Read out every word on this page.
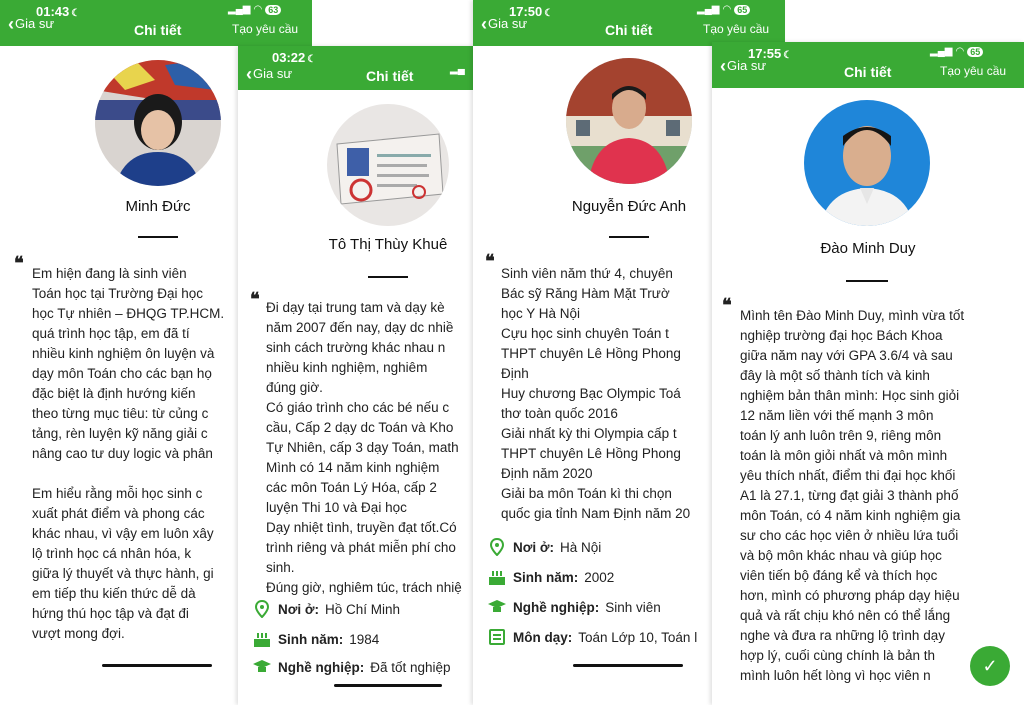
01:43 ☾
‹ Gia sư	Chi tiết
▂▄▆ ◠ 63
Tạo yêu cầu
Minh Đức
❝
Em hiện đang là sinh viên
Toán học tại Trường Đại học
học Tự nhiên – ĐHQG TP.HCM.
quá trình học tập, em đã tí
nhiều kinh nghiệm ôn luyện và
dạy môn Toán cho các bạn họ
đặc biệt là định hướng kiến
theo từng mục tiêu: từ củng c
tảng, rèn luyện kỹ năng giải c
nâng cao tư duy logic và phân

Em hiểu rằng mỗi học sinh c
xuất phát điểm và phong các
khác nhau, vì vậy em luôn xây
lộ trình học cá nhân hóa, k
giữa lý thuyết và thực hành, gi
em tiếp thu kiến thức dễ dà
hứng thú học tập và đạt đi
vượt mong đợi.
03:22 ☾
‹ Gia sư	Chi tiết	▂▄
Tô Thị Thùy Khuê
❝ Đi dạy tại trung tam và dạy kè
năm 2007 đến nay, dạy dc nhiề
sinh cách trường khác nhau n
nhiều kinh nghiệm, nghiêm
đúng giờ.
Có giáo trình cho các bé nếu c
cầu, Cấp 2 dạy dc Toán và Kho
Tự Nhiên, cấp 3 dạy Toán, math
Mình có 14 năm kinh nghiệm
các môn Toán Lý Hóa, cấp 2
luyện Thi 10 và Đại học
Dạy nhiệt tình, truyền đạt tốt.Có
trình riêng và phát miễn phí cho
sinh.
Đúng giờ, nghiêm túc, trách nhiệ
Nơi ở: Hồ Chí Minh
Sinh năm: 1984
Nghề nghiệp: Đã tốt nghiệp
17:50 ☾
‹ Gia sư	Chi tiết
▂▄▆ ◠ 65
Tạo yêu cầu
Nguyễn Đức Anh
❝
Sinh viên năm thứ 4, chuyên
Bác sỹ Răng Hàm Mặt Trườ
học Y Hà Nội
Cựu học sinh chuyên Toán t
THPT chuyên Lê Hồng Phong
Định
Huy chương Bạc Olympic Toá
thơ toàn quốc 2016
Giải nhất kỳ thi Olympia cấp t
THPT chuyên Lê Hồng Phong
Định năm 2020
Giải ba môn Toán kì thi chọn
quốc gia tỉnh Nam Định năm 20
Nơi ở: Hà Nội
Sinh năm: 2002
Nghề nghiệp: Sinh viên
Môn dạy: Toán Lớp 10, Toán l
17:55 ☾
‹ Gia sư	Chi tiết
▂▄▆ ◠ 65
Tạo yêu cầu
Đào Minh Duy
❝
Mình tên Đào Minh Duy, mình vừa tốt
nghiệp trường đại học Bách Khoa
giữa năm nay với GPA 3.6/4 và sau
đây là một số thành tích và kinh
nghiệm bản thân mình: Học sinh giỏi
12 năm liền với thế mạnh 3 môn
toán lý anh luôn trên 9, riêng môn
toán là môn giỏi nhất và môn mình
yêu thích nhất, điểm thi đại học khối
A1 là 27.1, từng đạt giải 3 thành phố
môn Toán, có 4 năm kinh nghiệm gia
sư cho các học viên ở nhiều lứa tuổi
và bộ môn khác nhau và giúp học
viên tiến bộ đáng kể và thích học
hơn, mình có phương pháp dạy hiệu
quả và rất chịu khó nên có thể lắng
nghe và đưa ra những lộ trình dạy
hợp lý, cuối cùng chính là bản th
mình luôn hết lòng vì học viên n	✓
